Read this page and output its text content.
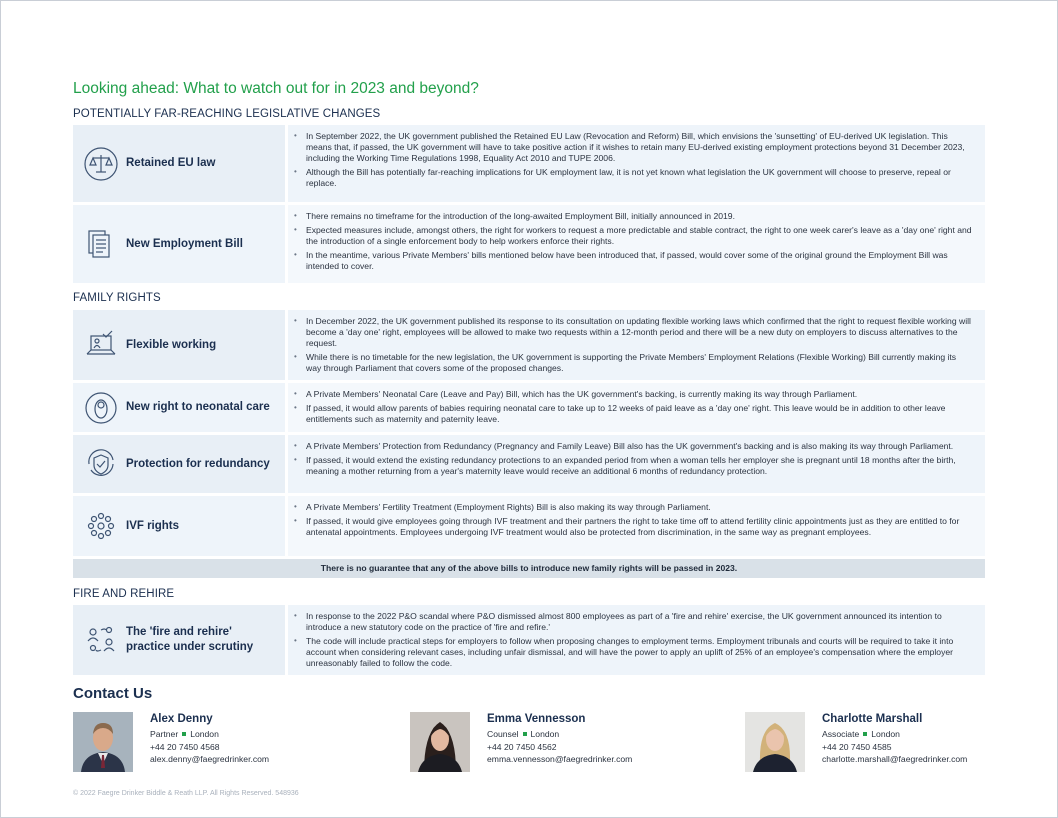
Looking ahead: What to watch out for in 2023 and beyond?
POTENTIALLY FAR-REACHING LEGISLATIVE CHANGES
Retained EU law
• In September 2022, the UK government published the Retained EU Law (Revocation and Reform) Bill, which envisions the 'sunsetting' of EU-derived UK legislation. This means that, if passed, the UK government will have to take positive action if it wishes to retain many EU-derived existing employment protections beyond 31 December 2023, including the Working Time Regulations 1998, Equality Act 2010 and TUPE 2006.
• Although the Bill has potentially far-reaching implications for UK employment law, it is not yet known what legislation the UK government will choose to preserve, repeal or replace.
New Employment Bill
• There remains no timeframe for the introduction of the long-awaited Employment Bill, initially announced in 2019.
• Expected measures include, amongst others, the right for workers to request a more predictable and stable contract, the right to one week carer's leave as a 'day one' right and the introduction of a single enforcement body to help workers enforce their rights.
• In the meantime, various Private Members' bills mentioned below have been introduced that, if passed, would cover some of the original ground the Employment Bill was intended to cover.
FAMILY RIGHTS
Flexible working
• In December 2022, the UK government published its response to its consultation on updating flexible working laws which confirmed that the right to request flexible working will become a 'day one' right, employees will be allowed to make two requests within a 12-month period and there will be a new duty on employers to discuss alternatives to the request.
• While there is no timetable for the new legislation, the UK government is supporting the Private Members' Employment Relations (Flexible Working) Bill currently making its way through Parliament that covers some of the proposed changes.
New right to neonatal care
• A Private Members' Neonatal Care (Leave and Pay) Bill, which has the UK government's backing, is currently making its way through Parliament.
• If passed, it would allow parents of babies requiring neonatal care to take up to 12 weeks of paid leave as a 'day one' right. This leave would be in addition to other leave entitlements such as maternity and paternity leave.
Protection for redundancy
• A Private Members' Protection from Redundancy (Pregnancy and Family Leave) Bill also has the UK government's backing and is also making its way through Parliament.
• If passed, it would extend the existing redundancy protections to an expanded period from when a woman tells her employer she is pregnant until 18 months after the birth, meaning a mother returning from a year's maternity leave would receive an additional 6 months of redundancy protection.
IVF rights
• A Private Members' Fertility Treatment (Employment Rights) Bill is also making its way through Parliament.
• If passed, it would give employees going through IVF treatment and their partners the right to take time off to attend fertility clinic appointments just as they are entitled to for antenatal appointments. Employees undergoing IVF treatment would also be protected from discrimination, in the same way as pregnant employees.
There is no guarantee that any of the above bills to introduce new family rights will be passed in 2023.
FIRE AND REHIRE
The 'fire and rehire'
practice under scrutiny
• In response to the 2022 P&O scandal where P&O dismissed almost 800 employees as part of a 'fire and rehire' exercise, the UK government announced its intention to introduce a new statutory code on the practice of 'fire and refire.'
• The code will include practical steps for employers to follow when proposing changes to employment terms. Employment tribunals and courts will be required to take it into account when considering relevant cases, including unfair dismissal, and will have the power to apply an uplift of 25% of an employee's compensation where the employer unreasonably failed to follow the code.
Contact Us
Alex Denny
Partner London
+44 20 7450 4568
alex.denny@faegredrinker.com
Emma Vennesson
Counsel London
+44 20 7450 4562
emma.vennesson@faegredrinker.com
Charlotte Marshall
Associate London
+44 20 7450 4585
charlotte.marshall@faegredrinker.com
© 2022 Faegre Drinker Biddle & Reath LLP. All Rights Reserved. 548936
